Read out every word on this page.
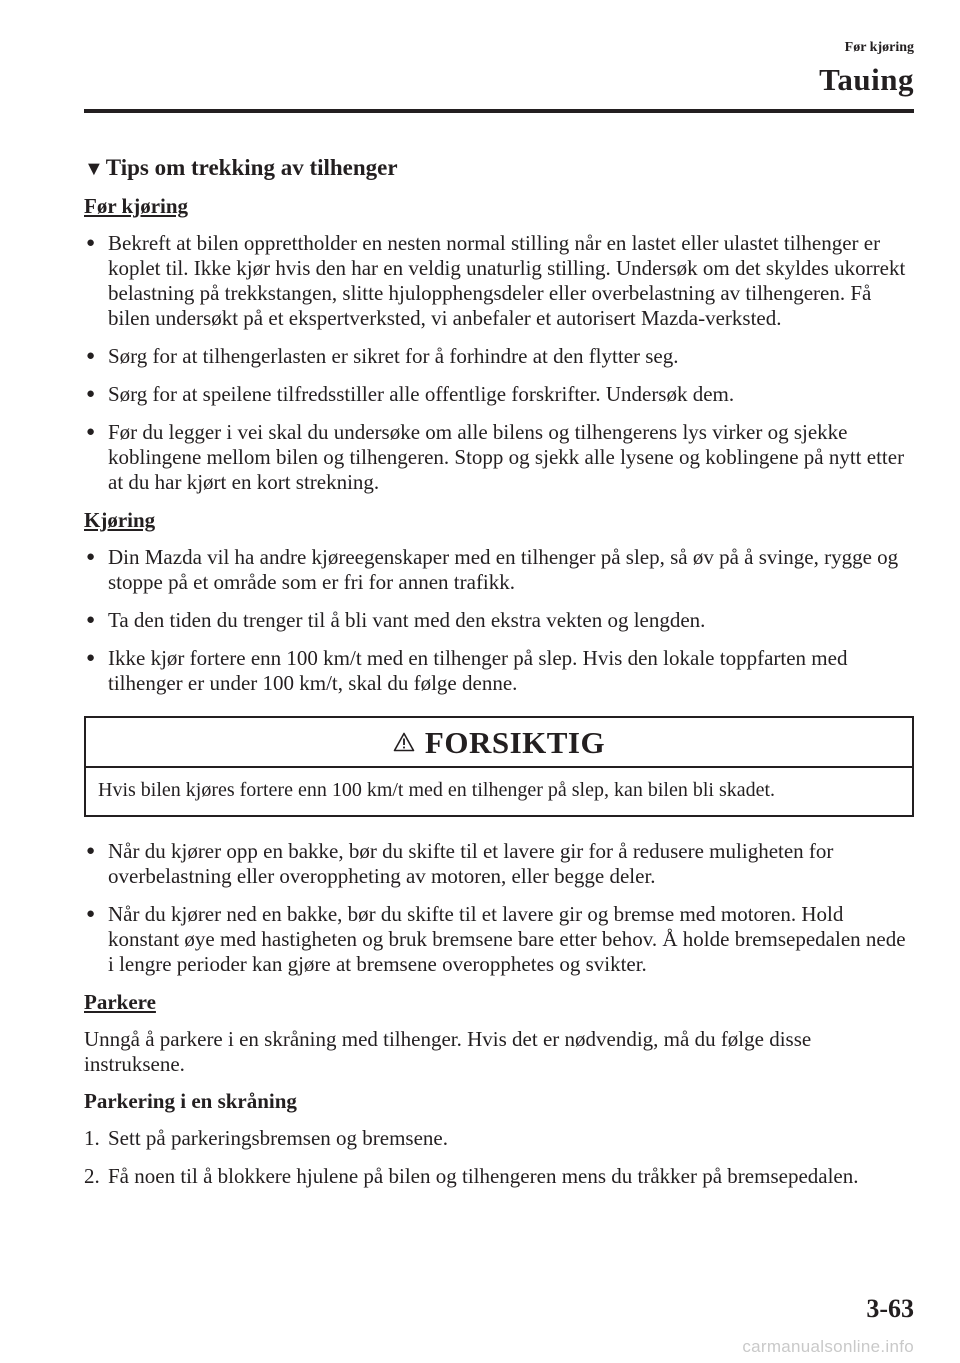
Før kjøring
Tauing
▼Tips om trekking av tilhenger
Før kjøring
● Bekreft at bilen opprettholder en nesten normal stilling når en lastet eller ulastet tilhenger er koplet til. Ikke kjør hvis den har en veldig unaturlig stilling. Undersøk om det skyldes ukorrekt belastning på trekkstangen, slitte hjulopphengsdeler eller overbelastning av tilhengeren. Få bilen undersøkt på et ekspertverksted, vi anbefaler et autorisert Mazda-verksted.
● Sørg for at tilhengerlasten er sikret for å forhindre at den flytter seg.
● Sørg for at speilene tilfredsstiller alle offentlige forskrifter. Undersøk dem.
● Før du legger i vei skal du undersøke om alle bilens og tilhengerens lys virker og sjekke koblingene mellom bilen og tilhengeren. Stopp og sjekk alle lysene og koblingene på nytt etter at du har kjørt en kort strekning.
Kjøring
● Din Mazda vil ha andre kjøreegenskaper med en tilhenger på slep, så øv på å svinge, rygge og stoppe på et område som er fri for annen trafikk.
● Ta den tiden du trenger til å bli vant med den ekstra vekten og lengden.
● Ikke kjør fortere enn 100 km/t med en tilhenger på slep. Hvis den lokale toppfarten med tilhenger er under 100 km/t, skal du følge denne.
FORSIKTIG
Hvis bilen kjøres fortere enn 100 km/t med en tilhenger på slep, kan bilen bli skadet.
● Når du kjører opp en bakke, bør du skifte til et lavere gir for å redusere muligheten for overbelastning eller overoppheting av motoren, eller begge deler.
● Når du kjører ned en bakke, bør du skifte til et lavere gir og bremse med motoren. Hold konstant øye med hastigheten og bruk bremsene bare etter behov. Å holde bremsepedalen nede i lengre perioder kan gjøre at bremsene overopphetes og svikter.
Parkere

Unngå å parkere i en skråning med tilhenger. Hvis det er nødvendig, må du følge disse instruksene.

Parkering i en skråning
1. Sett på parkeringsbremsen og bremsene.
2. Få noen til å blokkere hjulene på bilen og tilhengeren mens du tråkker på bremsepedalen.
3-63
carmanualsonline.info
